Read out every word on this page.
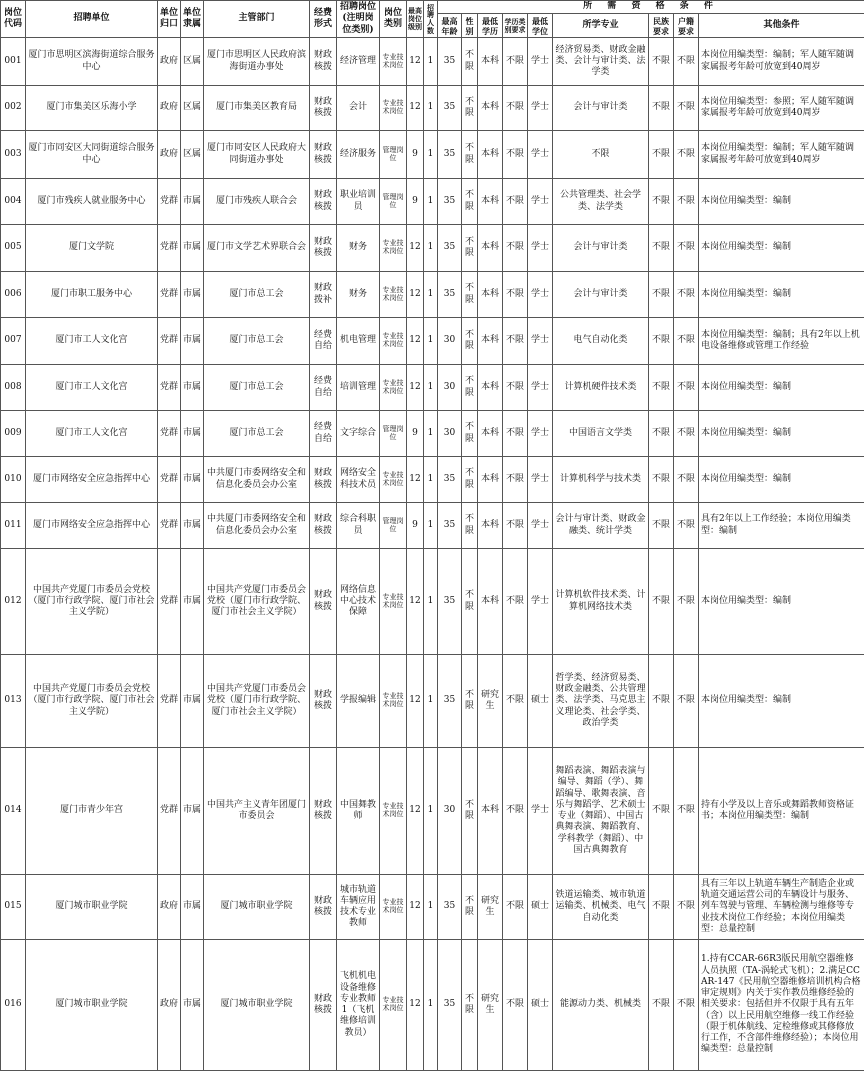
岗位代码	招聘单位	单位归口	单位隶属	主管部门	经费形式	招聘岗位(注明岗位类别)	岗位类别	最高岗位级别	招聘人数	所 需 资 格 条 件								
										最高年龄	性别	最低学历	学历类别要求	最低学位	所学专业	民族要求	户籍要求	其他条件
001	厦门市思明区滨海街道综合服务中心	政府	区属	厦门市思明区人民政府滨海街道办事处	财政核拨	经济管理	专业技术岗位	12	1	35	不限	本科	不限	学士	经济贸易类、财政金融类、会计与审计类、法学类	不限	不限	本岗位用编类型：编制；军人随军随调家属报考年龄可放宽到40周岁
002	厦门市集美区乐海小学	政府	区属	厦门市集美区教育局	财政核拨	会计	专业技术岗位	12	1	35	不限	本科	不限	学士	会计与审计类	不限	不限	本岗位用编类型：参照；军人随军随调家属报考年龄可放宽到40周岁
003	厦门市同安区大同街道综合服务中心	政府	区属	厦门市同安区人民政府大同街道办事处	财政核拨	经济服务	管理岗位	9	1	35	不限	本科	不限	学士	不限	不限	不限	本岗位用编类型：编制；军人随军随调家属报考年龄可放宽到40周岁
004	厦门市残疾人就业服务中心	党群	市属	厦门市残疾人联合会	财政核拨	职业培训员	管理岗位	9	1	35	不限	本科	不限	学士	公共管理类、社会学类、法学类	不限	不限	本岗位用编类型：编制
005	厦门文学院	党群	市属	厦门市文学艺术界联合会	财政核拨	财务	专业技术岗位	12	1	35	不限	本科	不限	学士	会计与审计类	不限	不限	本岗位用编类型：编制
006	厦门市职工服务中心	党群	市属	厦门市总工会	财政拨补	财务	专业技术岗位	12	1	35	不限	本科	不限	学士	会计与审计类	不限	不限	本岗位用编类型：编制
007	厦门市工人文化宫	党群	市属	厦门市总工会	经费自给	机电管理	专业技术岗位	12	1	30	不限	本科	不限	学士	电气自动化类	不限	不限	本岗位用编类型：编制；具有2年以上机电设备维修或管理工作经验
008	厦门市工人文化宫	党群	市属	厦门市总工会	经费自给	培训管理	专业技术岗位	12	1	30	不限	本科	不限	学士	计算机硬件技术类	不限	不限	本岗位用编类型：编制
009	厦门市工人文化宫	党群	市属	厦门市总工会	经费自给	文字综合	管理岗位	9	1	30	不限	本科	不限	学士	中国语言文学类	不限	不限	本岗位用编类型：编制
010	厦门市网络安全应急指挥中心	党群	市属	中共厦门市委网络安全和信息化委员会办公室	财政核拨	网络安全科技术员	专业技术岗位	12	1	35	不限	本科	不限	学士	计算机科学与技术类	不限	不限	本岗位用编类型：编制
011	厦门市网络安全应急指挥中心	党群	市属	中共厦门市委网络安全和信息化委员会办公室	财政核拨	综合科职员	管理岗位	9	1	35	不限	本科	不限	学士	会计与审计类、财政金融类、统计学类	不限	不限	具有2年以上工作经验；本岗位用编类型：编制
012	中国共产党厦门市委员会党校（厦门市行政学院、厦门市社会主义学院）	党群	市属	中国共产党厦门市委员会党校（厦门市行政学院、厦门市社会主义学院）	财政核拨	网络信息中心技术保障	专业技术岗位	12	1	35	不限	本科	不限	学士	计算机软件技术类、计算机网络技术类	不限	不限	本岗位用编类型：编制
013	中国共产党厦门市委员会党校（厦门市行政学院、厦门市社会主义学院）	党群	市属	中国共产党厦门市委员会党校（厦门市行政学院、厦门市社会主义学院）	财政核拨	学报编辑	专业技术岗位	12	1	35	不限	研究生	不限	硕士	哲学类、经济贸易类、财政金融类、公共管理类、法学类、马克思主义理论类、社会学类、政治学类	不限	不限	本岗位用编类型：编制
014	厦门市青少年宫	党群	市属	中国共产主义青年团厦门市委员会	财政核拨	中国舞教师	专业技术岗位	12	1	30	不限	本科	不限	学士	舞蹈表演、舞蹈表演与编导、舞蹈（学）、舞蹈编导、歌舞表演、音乐与舞蹈学、艺术硕士专业（舞蹈）、中国古典舞表演、舞蹈教育、学科教学（舞蹈）、中国古典舞教育	不限	不限	持有小学及以上音乐或舞蹈教师资格证书；本岗位用编类型：编制
015	厦门城市职业学院	政府	市属	厦门城市职业学院	财政核拨	城市轨道车辆应用技术专业教师	专业技术岗位	12	1	35	不限	研究生	不限	硕士	铁道运输类、城市轨道运输类、机械类、电气自动化类	不限	不限	具有三年以上轨道车辆生产制造企业或轨道交通运营公司的车辆设计与服务、列车驾驶与管理、车辆检测与维修等专业技术岗位工作经验；本岗位用编类型：总量控制
016	厦门城市职业学院	政府	市属	厦门城市职业学院	财政核拨	飞机机电设备维修专业教师1（飞机维修培训教员）	专业技术岗位	12	1	35	不限	研究生	不限	硕士	能源动力类、机械类	不限	不限	1.持有CCAR-66R3版民用航空器维修人员执照（TA-涡轮式飞机）；2.满足CCAR-147《民用航空器维修培训机构合格审定规则》内关于实作教员维修经验的相关要求：包括但并不仅限于具有五年（含）以上民用航空维修一线工作经验（限于机体航线、定检维修或其修修放行工作，不含部件维修经验）；本岗位用编类型：总量控制
